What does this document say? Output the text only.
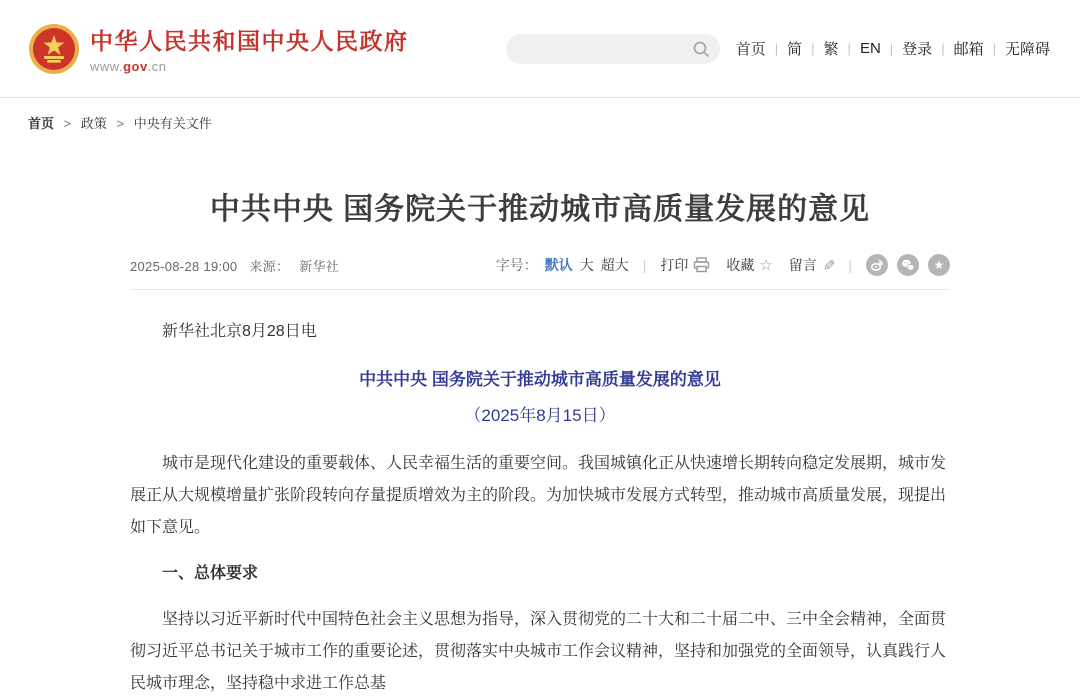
中华人民共和国中央人民政府
www.gov.cn
首页 | 简 | 繁 | EN | 登录 | 邮箱 | 无障碍
首页 > 政策 > 中央有关文件
中共中央 国务院关于推动城市高质量发展的意见
2025-08-28 19:00 来源： 新华社	字号： 默认 大 超大	|	打印	收藏 ☆ 留言 ✎	|	★

新华社北京8月28日电

中共中央 国务院关于推动城市高质量发展的意见

（2025年8月15日）

城市是现代化建设的重要载体、人民幸福生活的重要空间。我国城镇化正从快速增长期转向稳定发展期，城市发展正从大规模增量扩张阶段转向存量提质增效为主的阶段。为加快城市发展方式转型，推动城市高质量发展，现提出如下意见。

一、总体要求

坚持以习近平新时代中国特色社会主义思想为指导，深入贯彻党的二十大和二十届二中、三中全会精神，全面贯彻习近平总书记关于城市工作的重要论述，贯彻落实中央城市工作会议精神，坚持和加强党的全面领导，认真践行人民城市理念，坚持稳中求进工作总基
